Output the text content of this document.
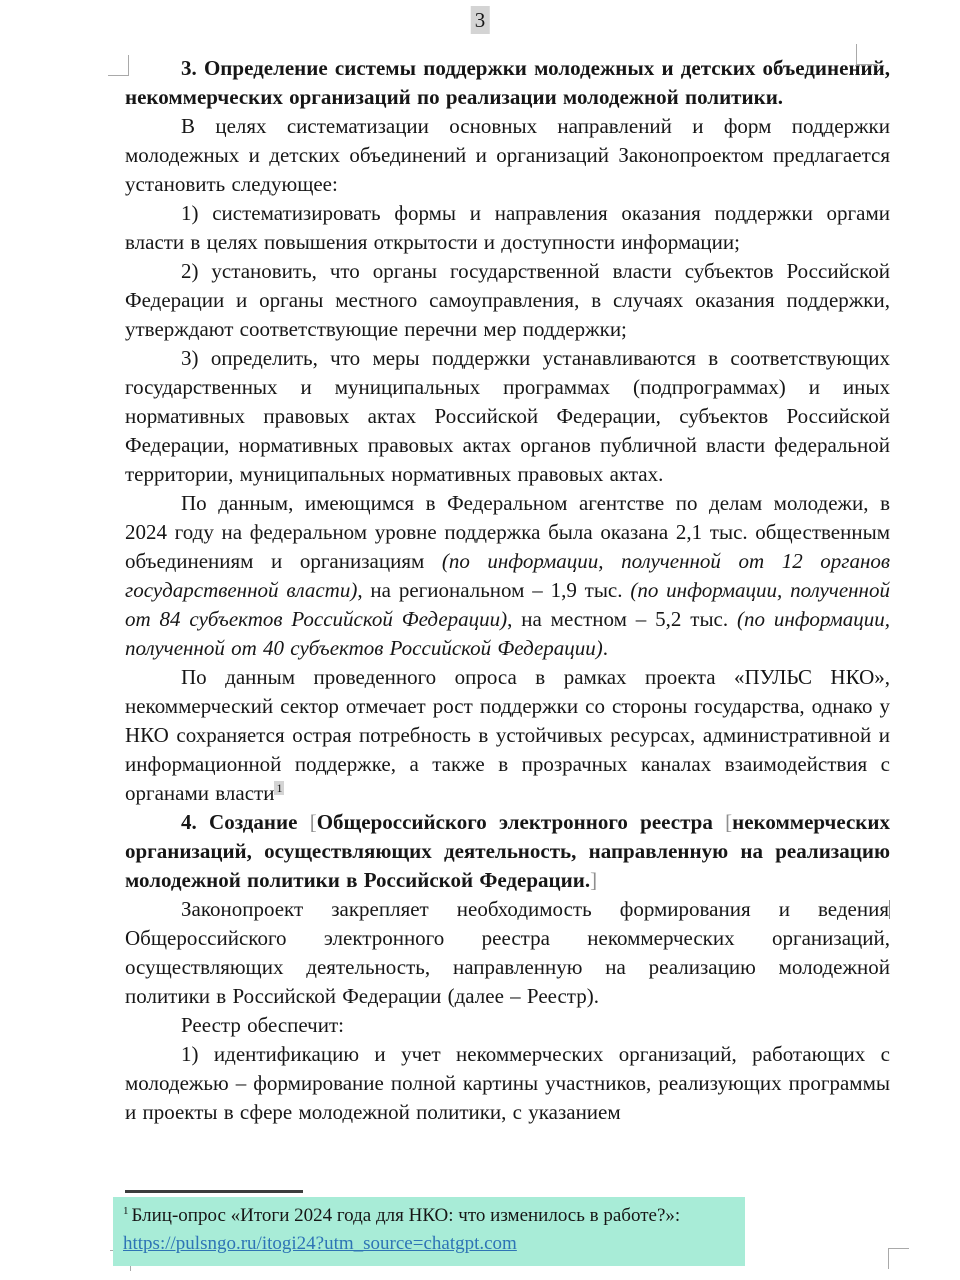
3

3. Определение системы поддержки молодежных и детских объединений, некоммерческих организаций по реализации молодежной политики.

В целях систематизации основных направлений и форм поддержки молодежных и детских объединений и организаций Законопроектом предлагается установить следующее:

1) систематизировать формы и направления оказания поддержки оргами власти в целях повышения открытости и доступности информации;

2) установить, что органы государственной власти субъектов Российской Федерации и органы местного самоуправления, в случаях оказания поддержки, утверждают соответствующие перечни мер поддержки;

3) определить, что меры поддержки устанавливаются в соответствующих государственных и муниципальных программах (подпрограммах) и иных нормативных правовых актах Российской Федерации, субъектов Российской Федерации, нормативных правовых актах органов публичной власти федеральной территории, муниципальных нормативных правовых актах.

По данным, имеющимся в Федеральном агентстве по делам молодежи, в 2024 году на федеральном уровне поддержка была оказана 2,1 тыс. общественным объединениям и организациям (по информации, полученной от 12 органов государственной власти), на региональном – 1,9 тыс. (по информации, полученной от 84 субъектов Российской Федерации), на местном – 5,2 тыс. (по информации, полученной от 40 субъектов Российской Федерации).

По данным проведенного опроса в рамках проекта «ПУЛЬС НКО», некоммерческий сектор отмечает рост поддержки со стороны государства, однако у НКО сохраняется острая потребность в устойчивых ресурсах, административной и информационной поддержке, а также в прозрачных каналах взаимодействия с органами власти $^1$

4. Создание [Общероссийского электронного реестра [некоммерческих организаций, осуществляющих деятельность, направленную на реализацию молодежной политики в Российской Федерации.]

Законопроект закрепляет необходимость формирования и ведения Общероссийского электронного реестра некоммерческих организаций, осуществляющих деятельность, направленную на реализацию молодежной политики в Российской Федерации (далее – Реестр).

Реестр обеспечит:

1) идентификацию и учет некоммерческих организаций, работающих с молодежью – формирование полной картины участников, реализующих программы и проекты в сфере молодежной политики, с указанием

$^1$ Блиц-опрос «Итоги 2024 года для НКО: что изменилось в работе?»:
https://pulsngo.ru/itogi24?utm_source=chatgpt.com
